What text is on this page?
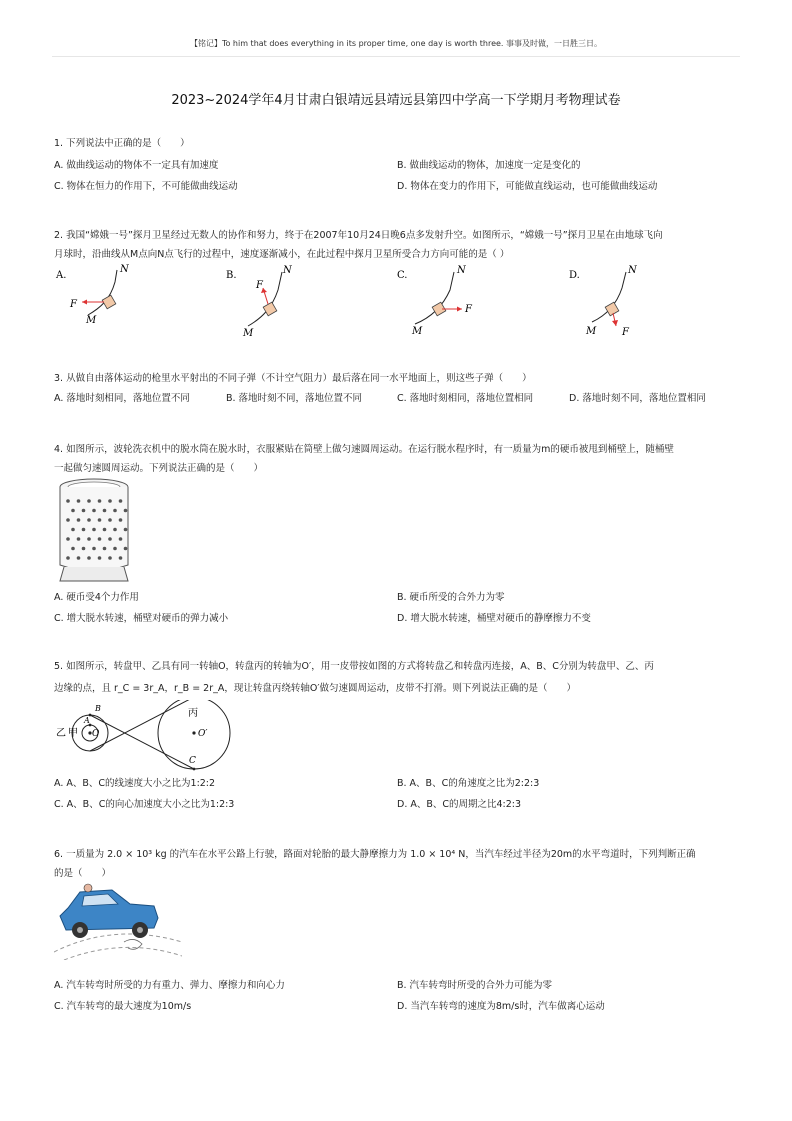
【铭记】To him that does everything in its proper time, one day is worth three. 事事及时做，一日胜三日。
2023~2024学年4月甘肃白银靖远县靖远县第四中学高一下学期月考物理试卷
1. 下列说法中正确的是（　　）
A. 做曲线运动的物体不一定具有加速度	B. 做曲线运动的物体，加速度一定是变化的
C. 物体在恒力的作用下，不可能做曲线运动	D. 物体在变力的作用下，可能做直线运动，也可能做曲线运动
2. 我国“嫦娥一号”探月卫星经过无数人的协作和努力，终于在2007年10月24日晚6点多发射升空。如图所示，“嫦娥一号”探月卫星在由地球飞向
月球时，沿曲线从M点向N点飞行的过程中，速度逐渐减小，在此过程中探月卫星所受合力方向可能的是（ ）
A.
N
M
F
B.	N
M
F
C.	N
M
F
D.	N
M	F
3. 从做自由落体运动的枪里水平射出的不同子弹（不计空气阻力）最后落在同一水平地面上，则这些子弹（　　）
A. 落地时刻相同，落地位置不同	B. 落地时刻不同，落地位置不同	C. 落地时刻相同，落地位置相同	D. 落地时刻不同，落地位置相同
4. 如图所示，波轮洗衣机中的脱水筒在脱水时，衣服紧贴在筒壁上做匀速圆周运动。在运行脱水程序时，有一质量为m的硬币被甩到桶壁上，随桶壁
一起做匀速圆周运动。下列说法正确的是（　　）
A. 硬币受4个力作用	B. 硬币所受的合外力为零
C. 增大脱水转速，桶壁对硬币的弹力减小	D. 增大脱水转速，桶壁对硬币的静摩擦力不变
5. 如图所示，转盘甲、乙具有同一转轴O，转盘丙的转轴为O′，用一皮带按如图的方式将转盘乙和转盘丙连接，A、B、C分别为转盘甲、乙、丙
边缘的点，且 r_C = 3r_A，r_B = 2r_A，现让转盘丙绕转轴O′做匀速圆周运动，皮带不打滑。则下列说法正确的是（　　）
乙 甲 O	O′
丙
A
B
C
A. A、B、C的线速度大小之比为1:2:2	B. A、B、C的角速度之比为2:2:3
C. A、B、C的向心加速度大小之比为1:2:3	D. A、B、C的周期之比4:2:3
6. 一质量为 2.0 × 10³ kg 的汽车在水平公路上行驶，路面对轮胎的最大静摩擦力为 1.0 × 10⁴ N，当汽车经过半径为20m的水平弯道时，下列判断正确
的是（　　）
A. 汽车转弯时所受的力有重力、弹力、摩擦力和向心力	B. 汽车转弯时所受的合外力可能为零
C. 汽车转弯的最大速度为10m/s	D. 当汽车转弯的速度为8m/s时，汽车做离心运动
